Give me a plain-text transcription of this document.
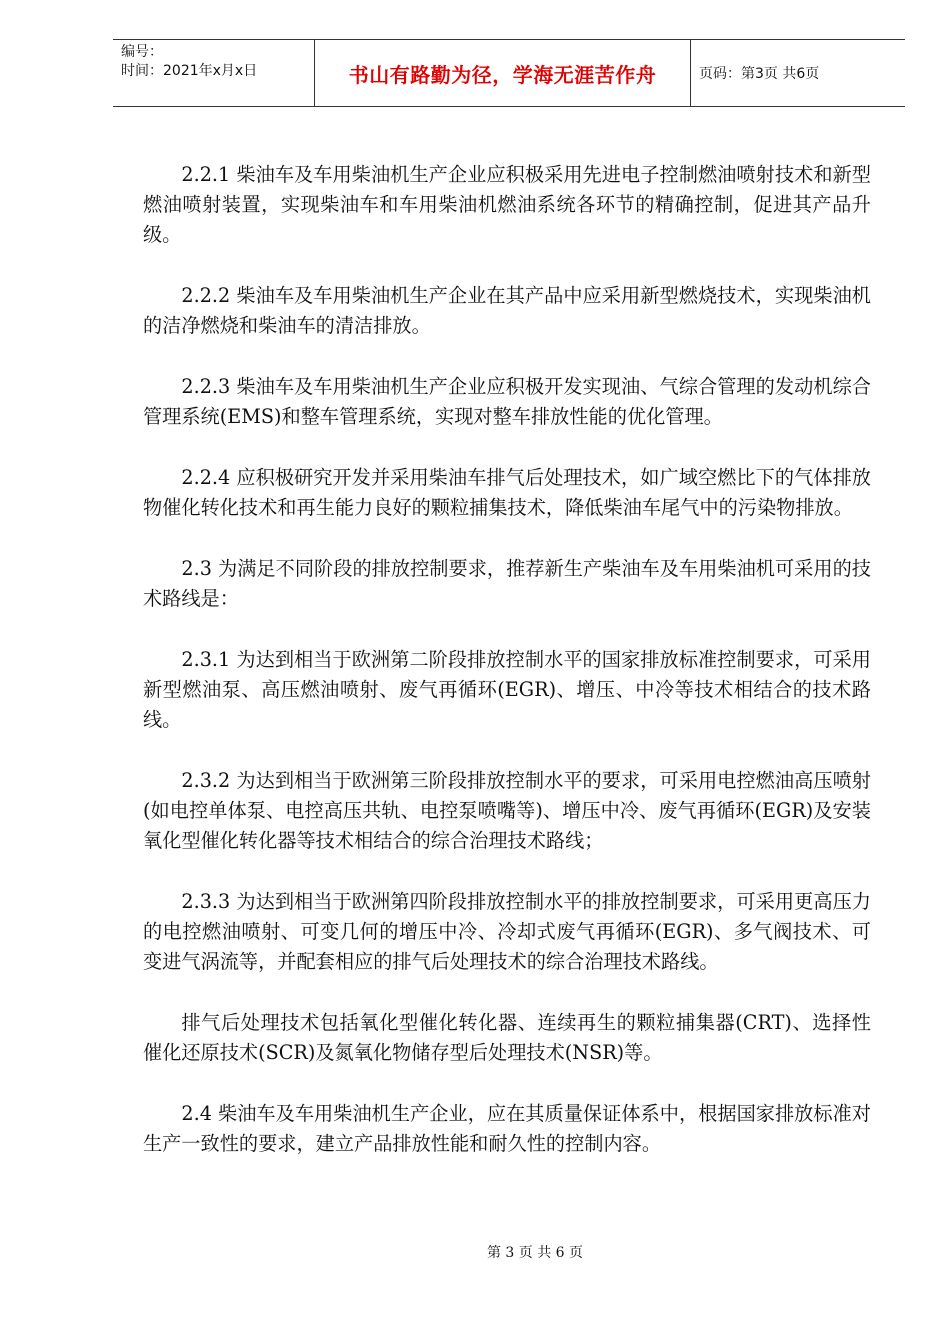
编号：
时间：2021年x月x日	书山有路勤为径，学海无涯苦作舟	页码：第3页 共6页

2.2.1 柴油车及车用柴油机生产企业应积极采用先进电子控制燃油喷射技术和新型燃油喷射装置，实现柴油车和车用柴油机燃油系统各环节的精确控制，促进其产品升级。

2.2.2 柴油车及车用柴油机生产企业在其产品中应采用新型燃烧技术，实现柴油机的洁净燃烧和柴油车的清洁排放。

2.2.3 柴油车及车用柴油机生产企业应积极开发实现油、气综合管理的发动机综合管理系统(EMS)和整车管理系统，实现对整车排放性能的优化管理。

2.2.4 应积极研究开发并采用柴油车排气后处理技术，如广域空燃比下的气体排放物催化转化技术和再生能力良好的颗粒捕集技术，降低柴油车尾气中的污染物排放。

2.3 为满足不同阶段的排放控制要求，推荐新生产柴油车及车用柴油机可采用的技术路线是：

2.3.1 为达到相当于欧洲第二阶段排放控制水平的国家排放标准控制要求，可采用新型燃油泵、高压燃油喷射、废气再循环(EGR)、增压、中冷等技术相结合的技术路线。

2.3.2 为达到相当于欧洲第三阶段排放控制水平的要求，可采用电控燃油高压喷射(如电控单体泵、电控高压共轨、电控泵喷嘴等)、增压中冷、废气再循环(EGR)及安装氧化型催化转化器等技术相结合的综合治理技术路线；

2.3.3 为达到相当于欧洲第四阶段排放控制水平的排放控制要求，可采用更高压力的电控燃油喷射、可变几何的增压中冷、冷却式废气再循环(EGR)、多气阀技术、可变进气涡流等，并配套相应的排气后处理技术的综合治理技术路线。

排气后处理技术包括氧化型催化转化器、连续再生的颗粒捕集器(CRT)、选择性催化还原技术(SCR)及氮氧化物储存型后处理技术(NSR)等。

2.4 柴油车及车用柴油机生产企业，应在其质量保证体系中，根据国家排放标准对生产一致性的要求，建立产品排放性能和耐久性的控制内容。

第 3 页 共 6 页
